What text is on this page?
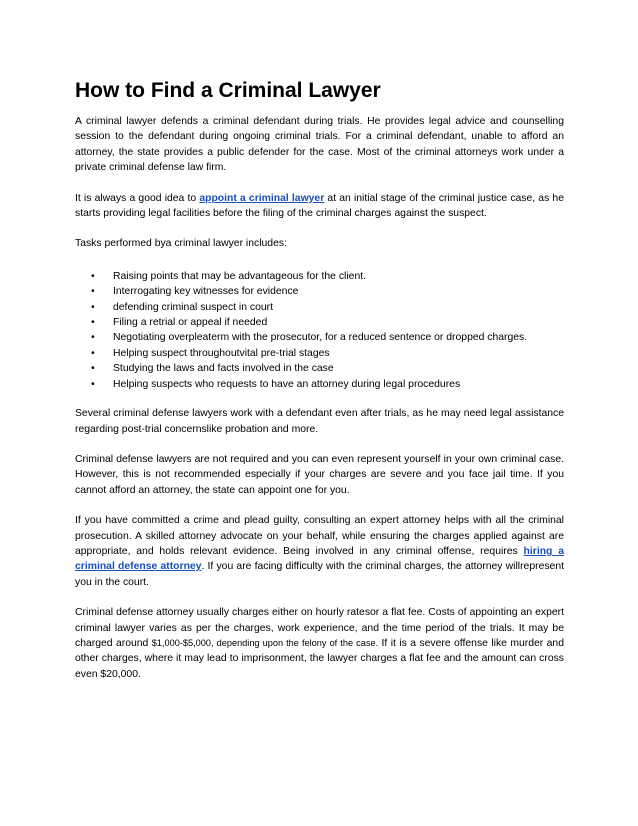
How to Find a Criminal Lawyer

A criminal lawyer defends a criminal defendant during trials. He provides legal advice and counselling session to the defendant during ongoing criminal trials. For a criminal defendant, unable to afford an attorney, the state provides a public defender for the case. Most of the criminal attorneys work under a private criminal defense law firm.

It is always a good idea to appoint a criminal lawyer at an initial stage of the criminal justice case, as he starts providing legal facilities before the filing of the criminal charges against the suspect.

Tasks performed bya criminal lawyer includes:

• Raising points that may be advantageous for the client.
• Interrogating key witnesses for evidence
• defending criminal suspect in court
• Filing a retrial or appeal if needed
• Negotiating overpleaterm with the prosecutor, for a reduced sentence or dropped charges.
• Helping suspect throughoutvital pre-trial stages
• Studying the laws and facts involved in the case
• Helping suspects who requests to have an attorney during legal procedures

Several criminal defense lawyers work with a defendant even after trials, as he may need legal assistance regarding post-trial concernslike probation and more.

Criminal defense lawyers are not required and you can even represent yourself in your own criminal case. However, this is not recommended especially if your charges are severe and you face jail time. If you cannot afford an attorney, the state can appoint one for you.

If you have committed a crime and plead guilty, consulting an expert attorney helps with all the criminal prosecution. A skilled attorney advocate on your behalf, while ensuring the charges applied against are appropriate, and holds relevant evidence. Being involved in any criminal offense, requires hiring a criminal defense attorney. If you are facing difficulty with the criminal charges, the attorney willrepresent you in the court.

Criminal defense attorney usually charges either on hourly ratesor a flat fee. Costs of appointing an expert criminal lawyer varies as per the charges, work experience, and the time period of the trials. It may be charged around $1,000-$5,000, depending upon the felony of the case. If it is a severe offense like murder and other charges, where it may lead to imprisonment, the lawyer charges a flat fee and the amount can cross even $20,000.
